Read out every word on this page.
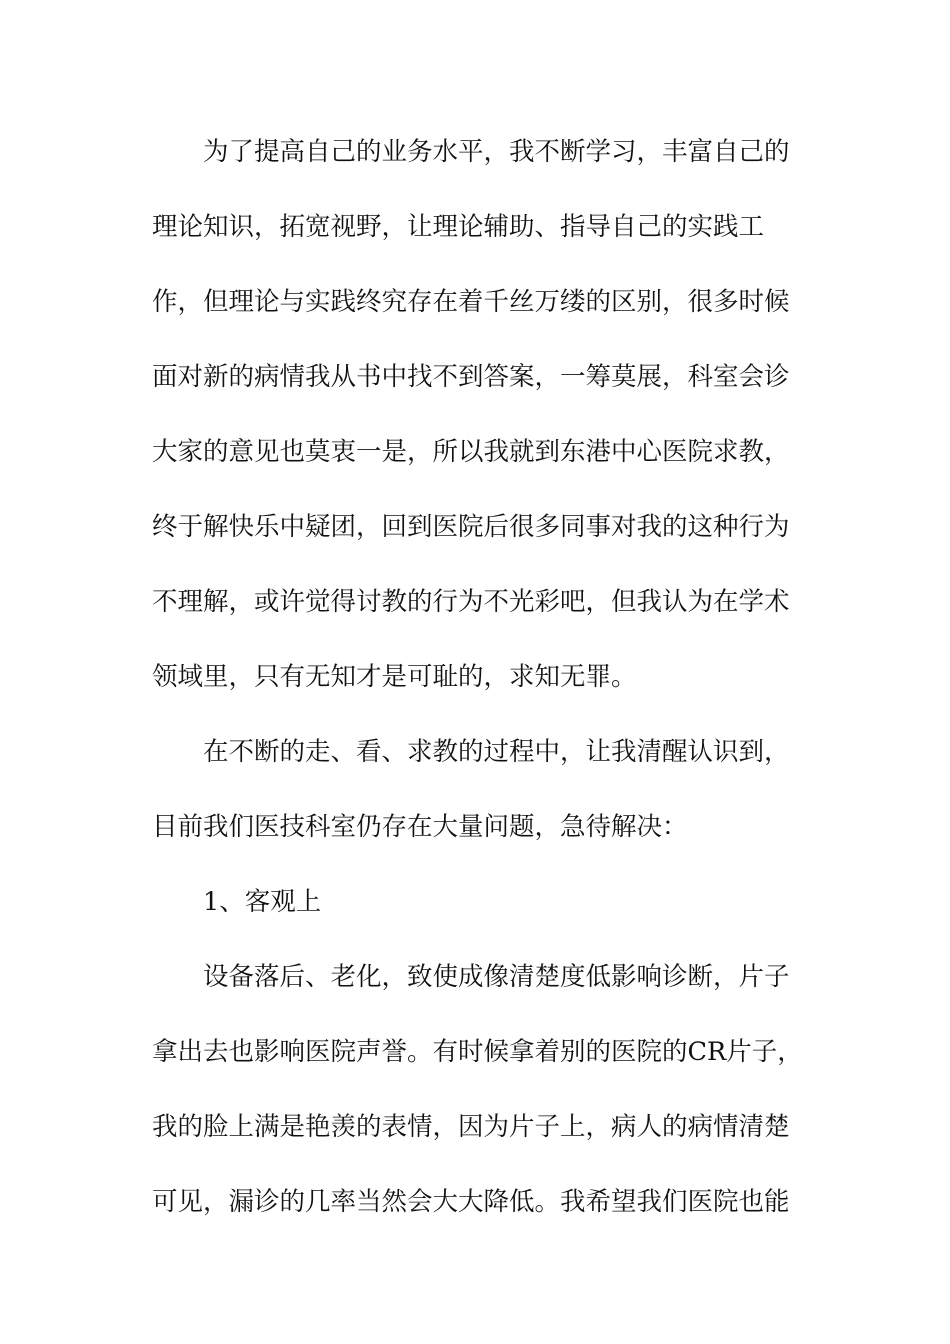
为了提高自己的业务水平，我不断学习，丰富自己的
理论知识，拓宽视野，让理论辅助、指导自己的实践工
作，但理论与实践终究存在着千丝万缕的区别，很多时候
面对新的病情我从书中找不到答案，一筹莫展，科室会诊
大家的意见也莫衷一是，所以我就到东港中心医院求教，
终于解快乐中疑团，回到医院后很多同事对我的这种行为
不理解，或许觉得讨教的行为不光彩吧，但我认为在学术
领域里，只有无知才是可耻的，求知无罪。
在不断的走、看、求教的过程中，让我清醒认识到，
目前我们医技科室仍存在大量问题，急待解决：
1、客观上
设备落后、老化，致使成像清楚度低影响诊断，片子
拿出去也影响医院声誉。有时候拿着别的医院的CR片子，
我的脸上满是艳羡的表情，因为片子上，病人的病情清楚
可见，漏诊的几率当然会大大降低。我希望我们医院也能
